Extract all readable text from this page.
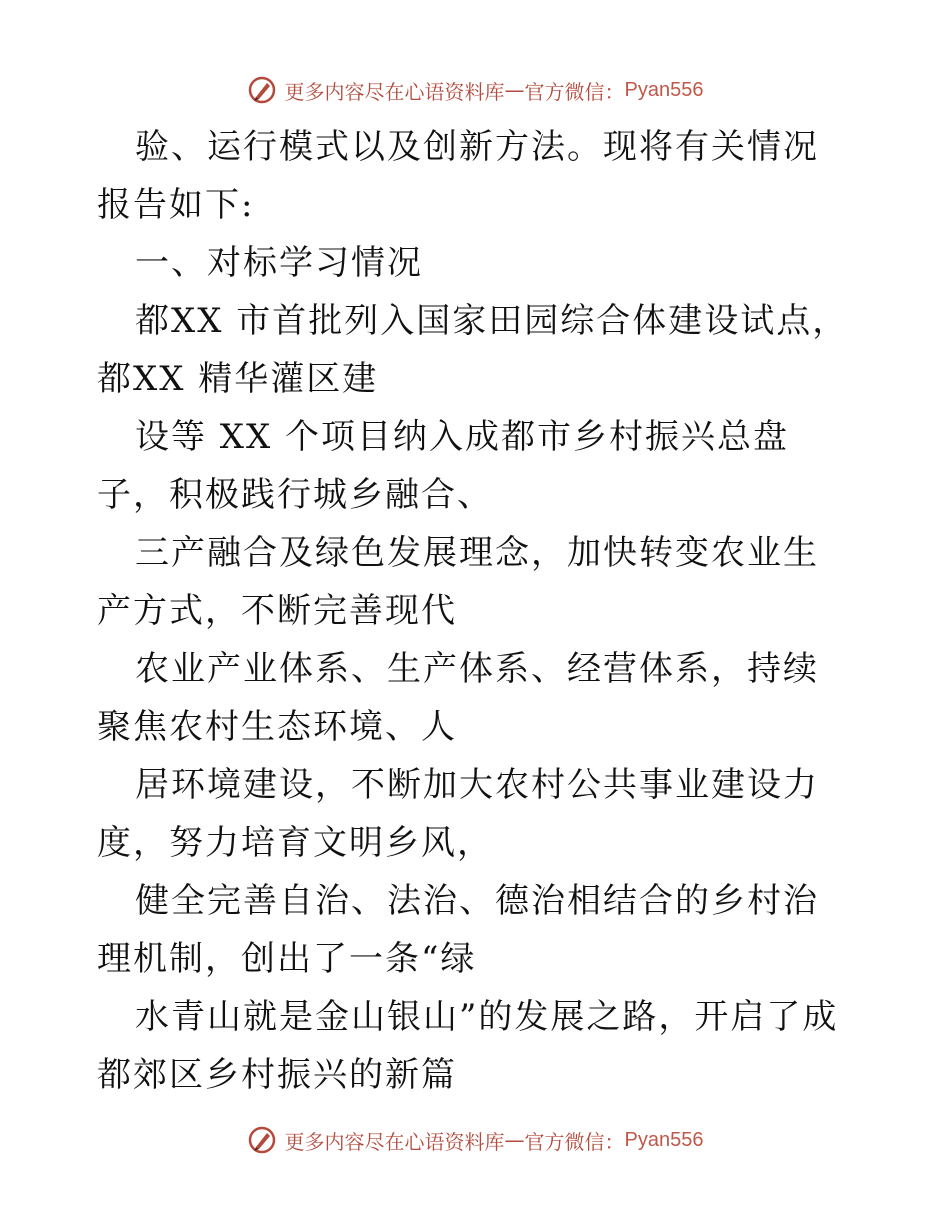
更多内容尽在心语资料库 — 官方微信： Pyan556

验、运行模式以及创新方法。现将有关情况报告如下:

一、对标学习情况

都XX 市首批列入国家田园综合体建设试点，都XX 精华灌区建

设等 XX 个项目纳入成都市乡村振兴总盘子，积极践行城乡融合、

三产融合及绿色发展理念，加快转变农业生产方式，不断完善现代

农业产业体系、生产体系、经营体系，持续聚焦农村生态环境、人

居环境建设，不断加大农村公共事业建设力度，努力培育文明乡风，

健全完善自治、法治、德治相结合的乡村治理机制，创出了一条“绿

水青山就是金山银山”的发展之路，开启了成都郊区乡村振兴的新篇

更多内容尽在心语资料库 — 官方微信： Pyan556
